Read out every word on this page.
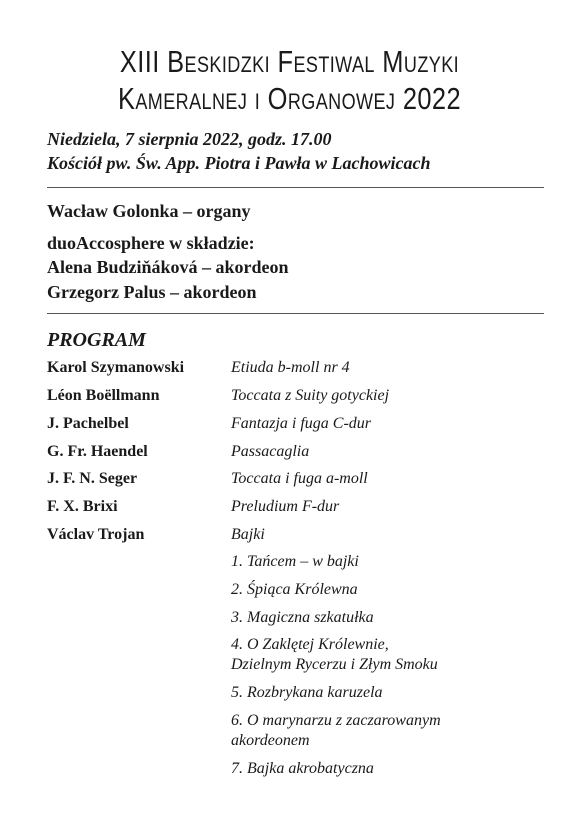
XIII Beskidzki Festiwal Muzyki
Kameralnej i Organowej 2022
Niedziela, 7 sierpnia 2022, godz. 17.00
Kościół pw. Św. App. Piotra i Pawła w Lachowicach
Wacław Golonka – organy
duoAccosphere w składzie:
Alena Budziňáková – akordeon
Grzegorz Palus – akordeon
PROGRAM
Karol Szymanowski	Etiuda b-moll nr 4
Léon Boëllmann	Toccata z Suity gotyckiej
J. Pachelbel	Fantazja i fuga C-dur
G. Fr. Haendel	Passacaglia
J. F. N. Seger	Toccata i fuga a-moll
F. X. Brixi	Preludium F-dur
Václav Trojan	Bajki
1. Tańcem – w bajki
2. Śpiąca Królewna
3. Magiczna szkatułka
4. O Zaklętej Królewnie,
Dzielnym Rycerzu i Złym Smoku
5. Rozbrykana karuzela
6. O marynarzu z zaczarowanym
akordeonem
7. Bajka akrobatyczna
